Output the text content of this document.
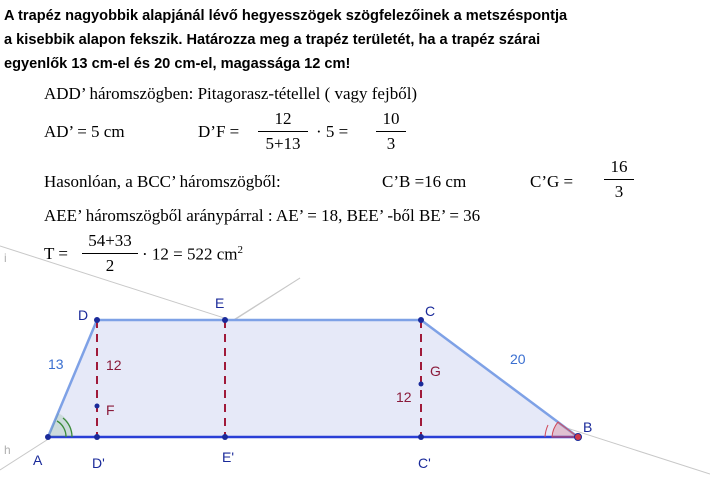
A trapéz nagyobbik alapjánál lévő hegyesszögek szögfelezőinek a metszéspontja
a kisebbik alapon fekszik. Határozza meg a trapéz területét, ha a trapéz szárai
egyenlők 13 cm-el és 20 cm-el, magassága 12 cm!
ADD’ háromszögben: Pitagorasz-tétellel ( vagy fejből)
AD’ = 5 cm	D’F =
12
5+13
· 5 =
10
3
Hasonlóan, a BCC’ háromszögből:	C’B =16 cm	C’G =
16
3
AEE’ háromszögből aránypárral : AE’ = 18, BEE’ -ből BE’ = 36
T =
54+33
2
· 12 = 522 $cm^2$
A
B
C
D
E
F
G
D'	E'	C'
13	20
12
12
i
h
